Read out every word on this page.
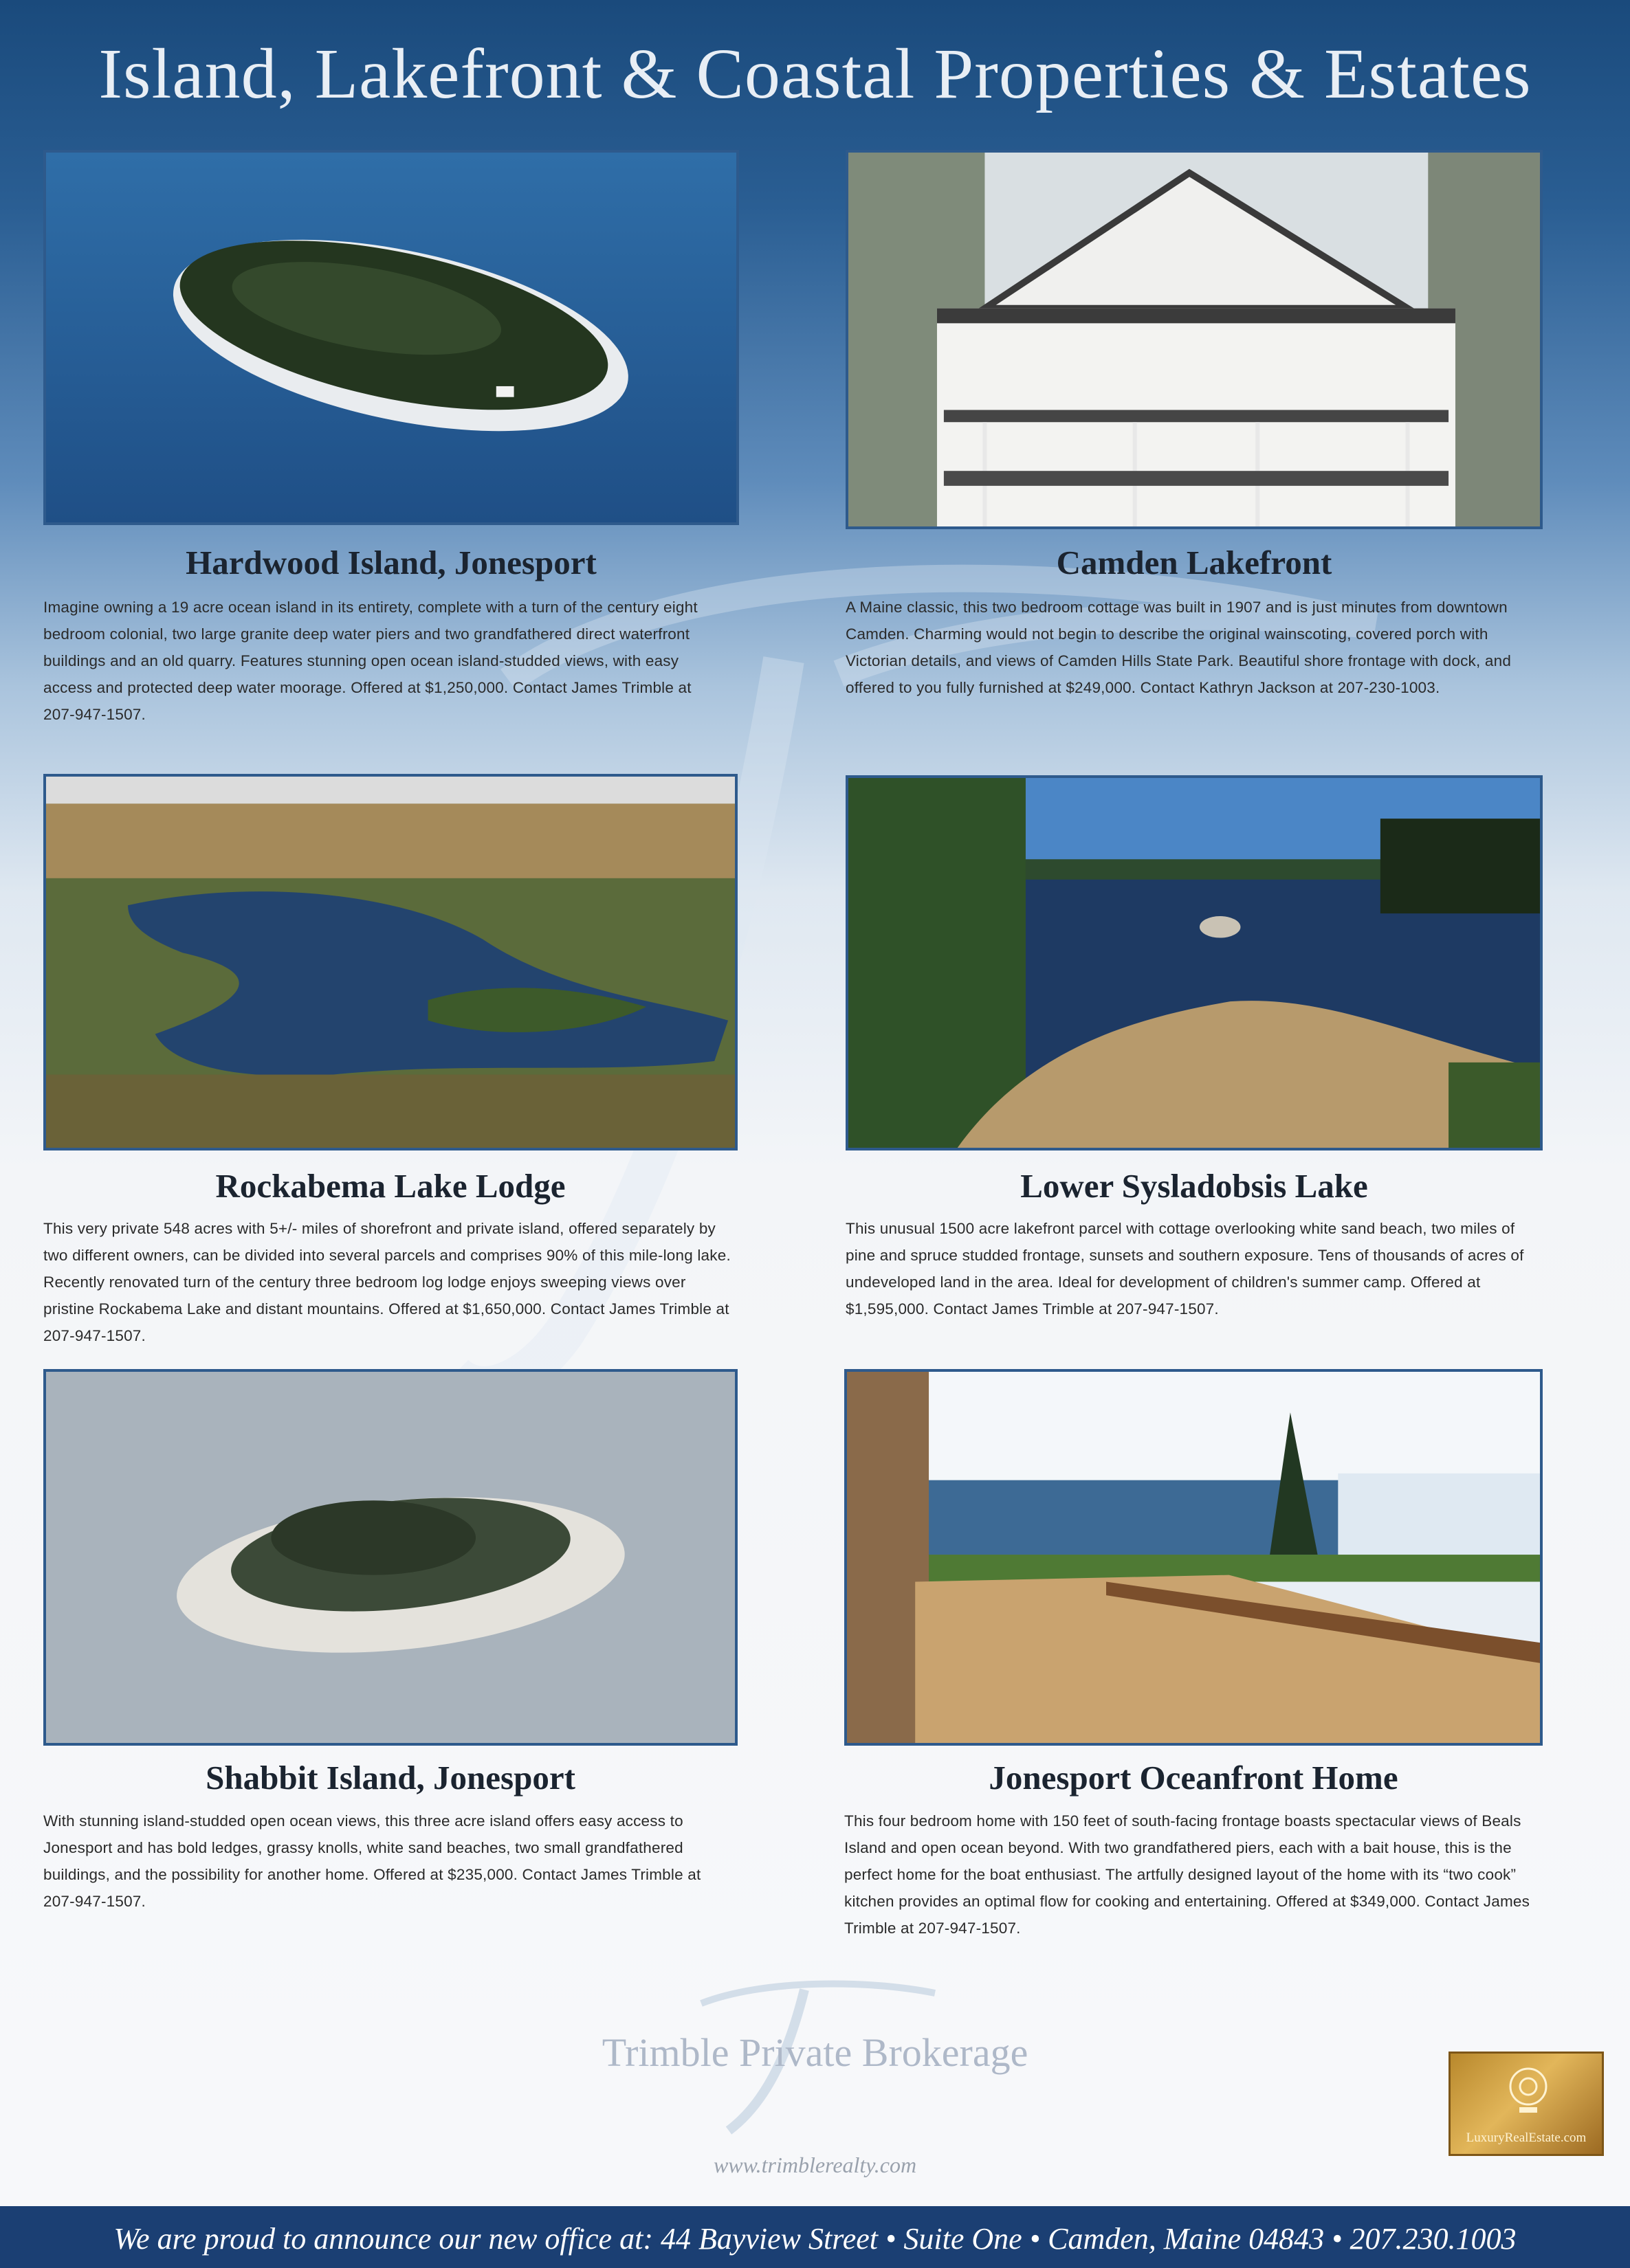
Island, Lakefront & Coastal Properties & Estates
Hardwood Island, Jonesport
Imagine owning a 19 acre ocean island in its entirety, complete with a turn of the century eight bedroom colonial, two large granite deep water piers and two grandfathered direct waterfront buildings and an old quarry. Features stunning open ocean island-studded views, with easy access and protected deep water moorage. Offered at $1,250,000. Contact James Trimble at 207-947-1507.
Camden Lakefront
A Maine classic, this two bedroom cottage was built in 1907 and is just minutes from downtown Camden. Charming would not begin to describe the original wainscoting, covered porch with Victorian details, and views of Camden Hills State Park. Beautiful shore frontage with dock, and offered to you fully furnished at $249,000. Contact Kathryn Jackson at 207-230-1003.
Rockabema Lake Lodge
This very private 548 acres with 5+/- miles of shorefront and private island, offered separately by two different owners, can be divided into several parcels and comprises 90% of this mile-long lake. Recently renovated turn of the century three bedroom log lodge enjoys sweeping views over pristine Rockabema Lake and distant mountains. Offered at $1,650,000. Contact James Trimble at 207-947-1507.
Lower Sysladobsis Lake
This unusual 1500 acre lakefront parcel with cottage overlooking white sand beach, two miles of pine and spruce studded frontage, sunsets and southern exposure. Tens of thousands of acres of undeveloped land in the area. Ideal for development of children's summer camp. Offered at $1,595,000. Contact James Trimble at 207-947-1507.
Shabbit Island, Jonesport
With stunning island-studded open ocean views, this three acre island offers easy access to Jonesport and has bold ledges, grassy knolls, white sand beaches, two small grandfathered buildings, and the possibility for another home. Offered at $235,000. Contact James Trimble at 207-947-1507.
Jonesport Oceanfront Home
This four bedroom home with 150 feet of south-facing frontage boasts spectacular views of Beals Island and open ocean beyond. With two grandfathered piers, each with a bait house, this is the perfect home for the boat enthusiast. The artfully designed layout of the home with its “two cook” kitchen provides an optimal flow for cooking and entertaining. Offered at $349,000. Contact James Trimble at 207-947-1507.
Trimble Private Brokerage
www.trimblerealty.com
LuxuryRealEstate.com
We are proud to announce our new office at: 44 Bayview Street • Suite One • Camden, Maine 04843 • 207.230.1003
